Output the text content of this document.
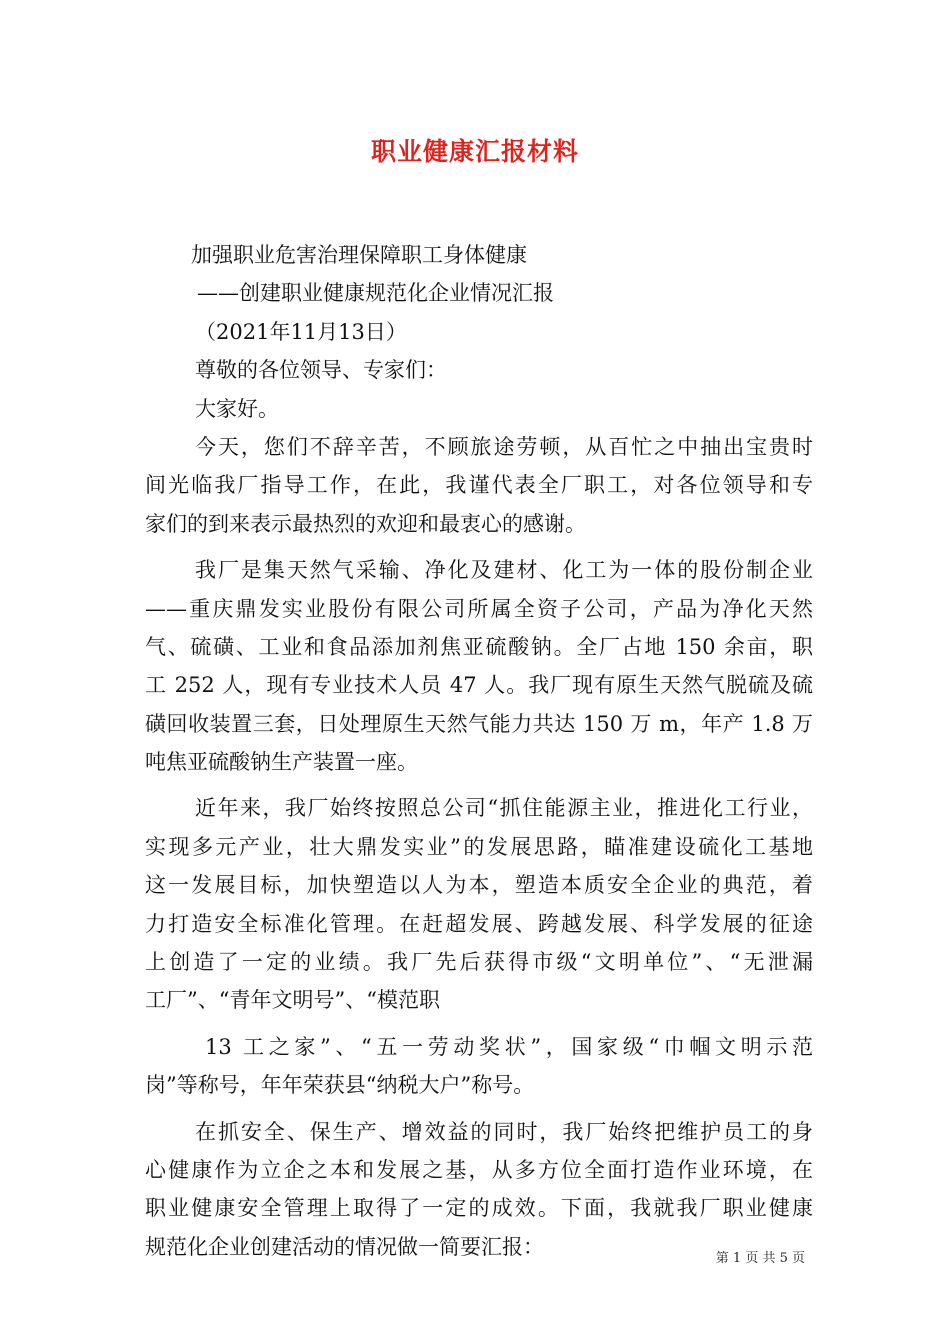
职业健康汇报材料
加强职业危害治理保障职工身体健康
——创建职业健康规范化企业情况汇报
（2021年11月13日）
尊敬的各位领导、专家们：
大家好。
今天，您们不辞辛苦，不顾旅途劳顿，从百忙之中抽出宝贵时
间光临我厂指导工作，在此，我谨代表全厂职工，对各位领导和专
家们的到来表示最热烈的欢迎和最衷心的感谢。
我厂是集天然气采输、净化及建材、化工为一体的股份制企业
——重庆鼎发实业股份有限公司所属全资子公司，产品为净化天然
气、硫磺、工业和食品添加剂焦亚硫酸钠。全厂占地 150 余亩，职
工 252 人，现有专业技术人员 47 人。我厂现有原生天然气脱硫及硫
磺回收装置三套，日处理原生天然气能力共达 150 万 m，年产 1.8 万
吨焦亚硫酸钠生产装置一座。
近年来，我厂始终按照总公司“抓住能源主业，推进化工行业，
实现多元产业，壮大鼎发实业”的发展思路，瞄准建设硫化工基地
这一发展目标，加快塑造以人为本，塑造本质安全企业的典范，着
力打造安全标准化管理。在赶超发展、跨越发展、科学发展的征途
上创造了一定的业绩。我厂先后获得市级“文明单位”、“无泄漏
工厂”、“青年文明号”、“模范职
13 工之家”、“五一劳动奖状”，国家级“巾帼文明示范
岗”等称号，年年荣获县“纳税大户”称号。
在抓安全、保生产、增效益的同时，我厂始终把维护员工的身
心健康作为立企之本和发展之基，从多方位全面打造作业环境，在
职业健康安全管理上取得了一定的成效。下面，我就我厂职业健康
规范化企业创建活动的情况做一简要汇报：	第 1 页 共 5 页
